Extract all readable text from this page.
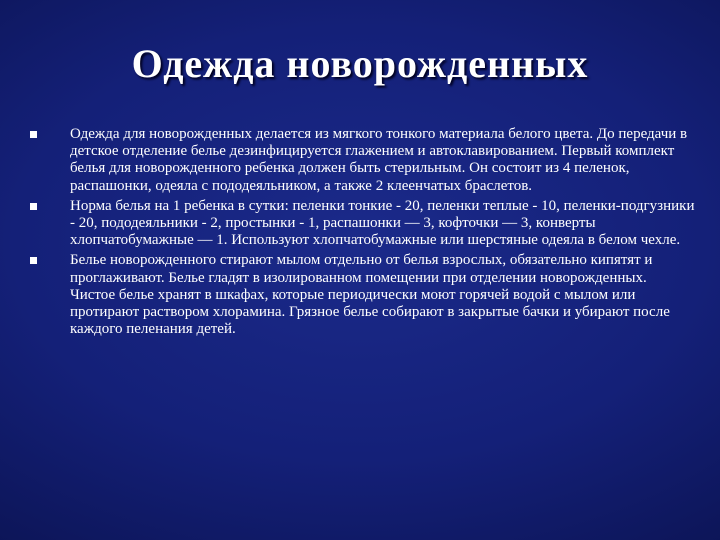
Одежда новорожденных
Одежда для новорожденных делается из мягкого тонкого материала белого цвета. До передачи в детское отделение белье дезинфицируется глажением и автоклавированием. Первый комплект белья для новорожденного ребенка должен быть стерильным. Он состоит из 4 пеленок, распашонки, одеяла с пододеяльником, а также 2 клеенчатых браслетов.
Норма белья на 1 ребенка в сутки: пеленки тонкие - 20, пеленки теплые - 10, пеленки-подгузники - 20, пододеяльники - 2, простынки - 1, распашонки — 3, кофточки — 3, конверты хлопчатобумажные — 1. Используют хлопчатобумажные или шерстяные одеяла в белом чехле.
Белье новорожденного стирают мылом отдельно от белья взрослых, обязательно кипятят и проглаживают. Белье гладят в изолированном помещении при отделении новорожденных. Чистое белье хранят в шкафах, которые периодически моют горячей водой с мылом или протирают раствором хлорамина. Грязное белье собирают в закрытые бачки и убирают после каждого пеленания детей.
